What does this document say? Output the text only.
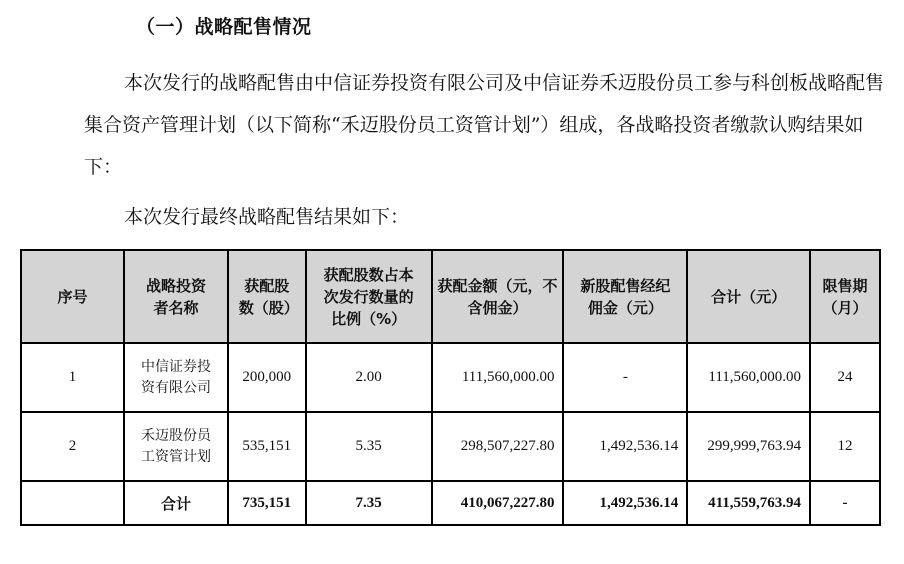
（一）战略配售情况
本次发行的战略配售由中信证券投资有限公司及中信证券禾迈股份员工参与科创板战略配售集合资产管理计划（以下简称“禾迈股份员工资管计划”）组成，各战略投资者缴款认购结果如下：
本次发行最终战略配售结果如下：
序号	战略投资者名称	获配股数（股）	获配股数占本次发行数量的比例（%）	获配金额（元，不含佣金）	新股配售经纪佣金（元）	合计（元）	限售期（月）

1	中信证券投资有限公司	200,000	2.00	111,560,000.00	-	111,560,000.00	24
2	禾迈股份员工资管计划	535,151	5.35	298,507,227.80	1,492,536.14	299,999,763.94	12
	合计	735,151	7.35	410,067,227.80	1,492,536.14	411,559,763.94	-
